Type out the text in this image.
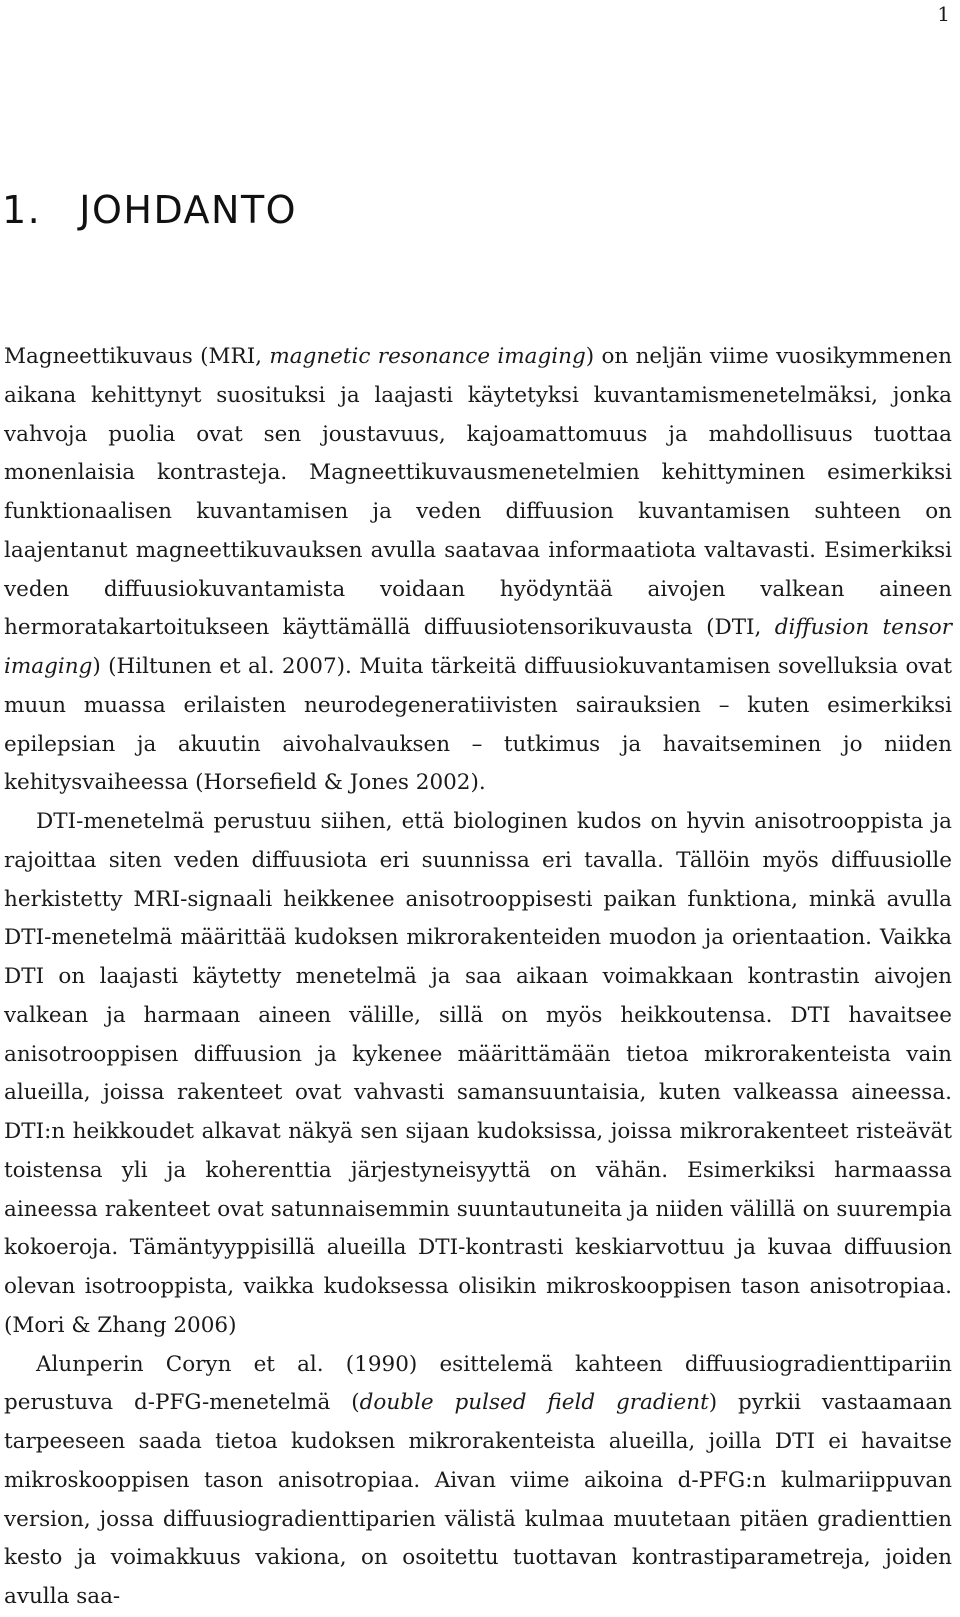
1
1. JOHDANTO

Magneettikuvaus (MRI, magnetic resonance imaging) on neljän viime vuosikymmenen aikana kehittynyt suosituksi ja laajasti käytetyksi kuvantamismenetelmäksi, jonka vahvoja puolia ovat sen joustavuus, kajoamattomuus ja mahdollisuus tuottaa monenlaisia kontrasteja. Magneettikuvausmenetelmien kehittyminen esimerkiksi funktionaalisen kuvantamisen ja veden diffuusion kuvantamisen suhteen on laajentanut magneettikuvauksen avulla saatavaa informaatiota valtavasti. Esimerkiksi veden diffuusiokuvantamista voidaan hyödyntää aivojen valkean aineen hermoratakartoitukseen käyttämällä diffuusiotensorikuvausta (DTI, diffusion tensor imaging) (Hiltunen et al. 2007). Muita tärkeitä diffuusiokuvantamisen sovelluksia ovat muun muassa erilaisten neurodegeneratiivisten sairauksien – kuten esimerkiksi epilepsian ja akuutin aivohalvauksen – tutkimus ja havaitseminen jo niiden kehitysvaiheessa (Horsefield & Jones 2002).

DTI-menetelmä perustuu siihen, että biologinen kudos on hyvin anisotrooppista ja rajoittaa siten veden diffuusiota eri suunnissa eri tavalla. Tällöin myös diffuusiolle herkistetty MRI-signaali heikkenee anisotrooppisesti paikan funktiona, minkä avulla DTI-menetelmä määrittää kudoksen mikrorakenteiden muodon ja orientaation. Vaikka DTI on laajasti käytetty menetelmä ja saa aikaan voimakkaan kontrastin aivojen valkean ja harmaan aineen välille, sillä on myös heikkoutensa. DTI havaitsee anisotrooppisen diffuusion ja kykenee määrittämään tietoa mikrorakenteista vain alueilla, joissa rakenteet ovat vahvasti samansuuntaisia, kuten valkeassa aineessa. DTI:n heikkoudet alkavat näkyä sen sijaan kudoksissa, joissa mikrorakenteet risteävät toistensa yli ja koherenttia järjestyneisyyttä on vähän. Esimerkiksi harmaassa aineessa rakenteet ovat satunnaisemmin suuntautuneita ja niiden välillä on suurempia kokoeroja. Tämäntyyppisillä alueilla DTI-kontrasti keskiarvottuu ja kuvaa diffuusion olevan isotrooppista, vaikka kudoksessa olisikin mikroskooppisen tason anisotropiaa. (Mori & Zhang 2006)

Alunperin Coryn et al. (1990) esittelemä kahteen diffuusiogradienttipariin perustuva d-PFG-menetelmä (double pulsed field gradient) pyrkii vastaamaan tarpeeseen saada tietoa kudoksen mikrorakenteista alueilla, joilla DTI ei havaitse mikroskooppisen tason anisotropiaa. Aivan viime aikoina d-PFG:n kulmariippuvan version, jossa diffuusiogradienttiparien välistä kulmaa muutetaan pitäen gradienttien kesto ja voimakkuus vakiona, on osoitettu tuottavan kontrastiparametreja, joiden avulla saa-
